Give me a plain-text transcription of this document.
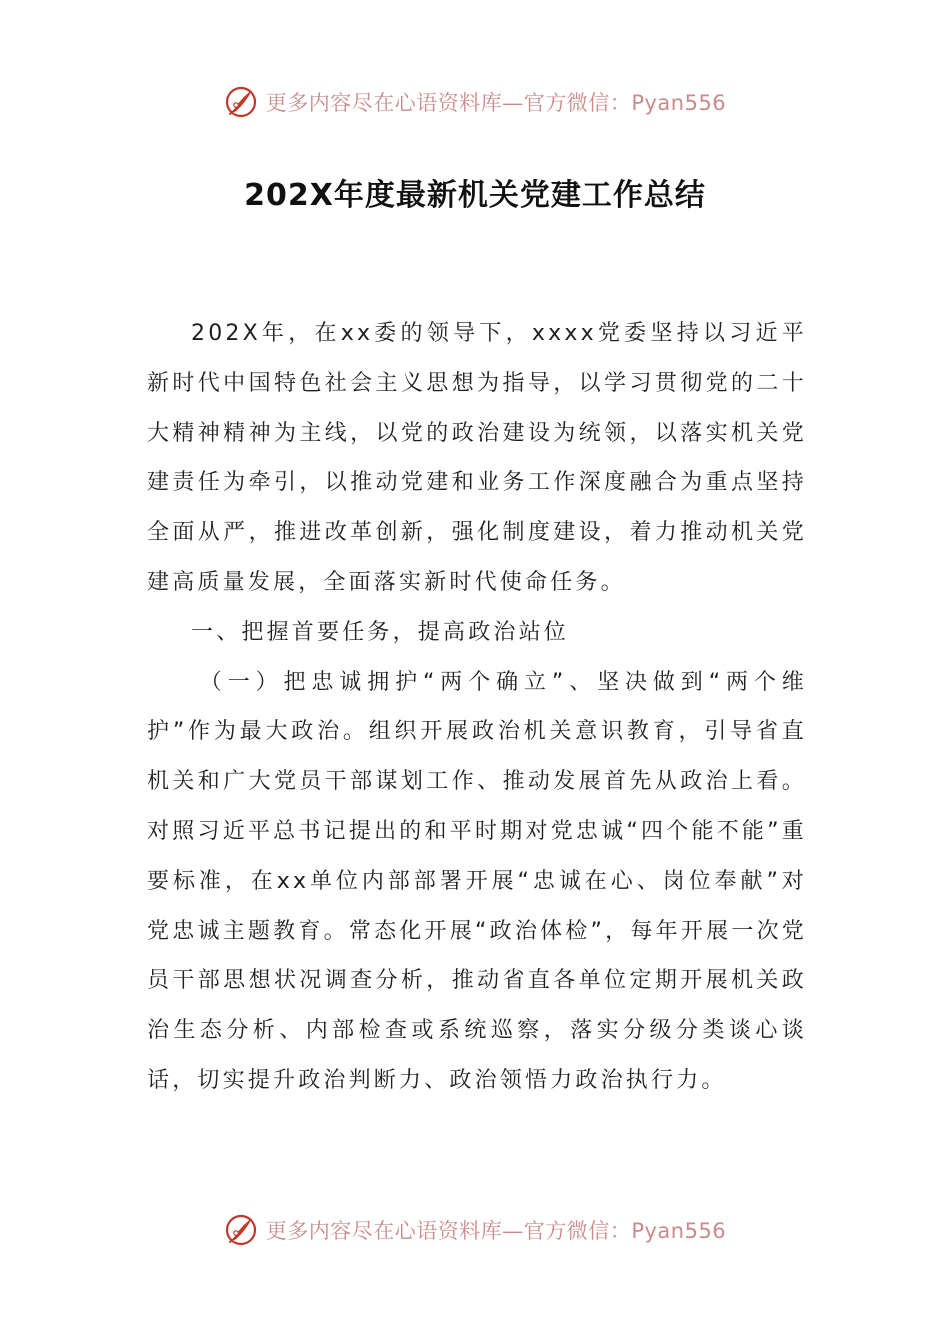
更多内容尽在心语资料库—官方微信：Pyan556
202X年度最新机关党建工作总结

202X年，在xx委的领导下，xxxx党委坚持以习近平新时代中国特色社会主义思想为指导，以学习贯彻党的二十大精神精神为主线，以党的政治建设为统领，以落实机关党建责任为牵引，以推动党建和业务工作深度融合为重点坚持全面从严，推进改革创新，强化制度建设，着力推动机关党建高质量发展，全面落实新时代使命任务。

一、把握首要任务，提高政治站位

（一）把忠诚拥护“两个确立”、坚决做到“两个维护”作为最大政治。组织开展政治机关意识教育，引导省直机关和广大党员干部谋划工作、推动发展首先从政治上看。对照习近平总书记提出的和平时期对党忠诚“四个能不能”重要标准，在xx单位内部部署开展“忠诚在心、岗位奉献”对党忠诚主题教育。常态化开展“政治体检”，每年开展一次党员干部思想状况调查分析，推动省直各单位定期开展机关政治生态分析、内部检查或系统巡察，落实分级分类谈心谈话，切实提升政治判断力、政治领悟力政治执行力。

更多内容尽在心语资料库—官方微信：Pyan556
